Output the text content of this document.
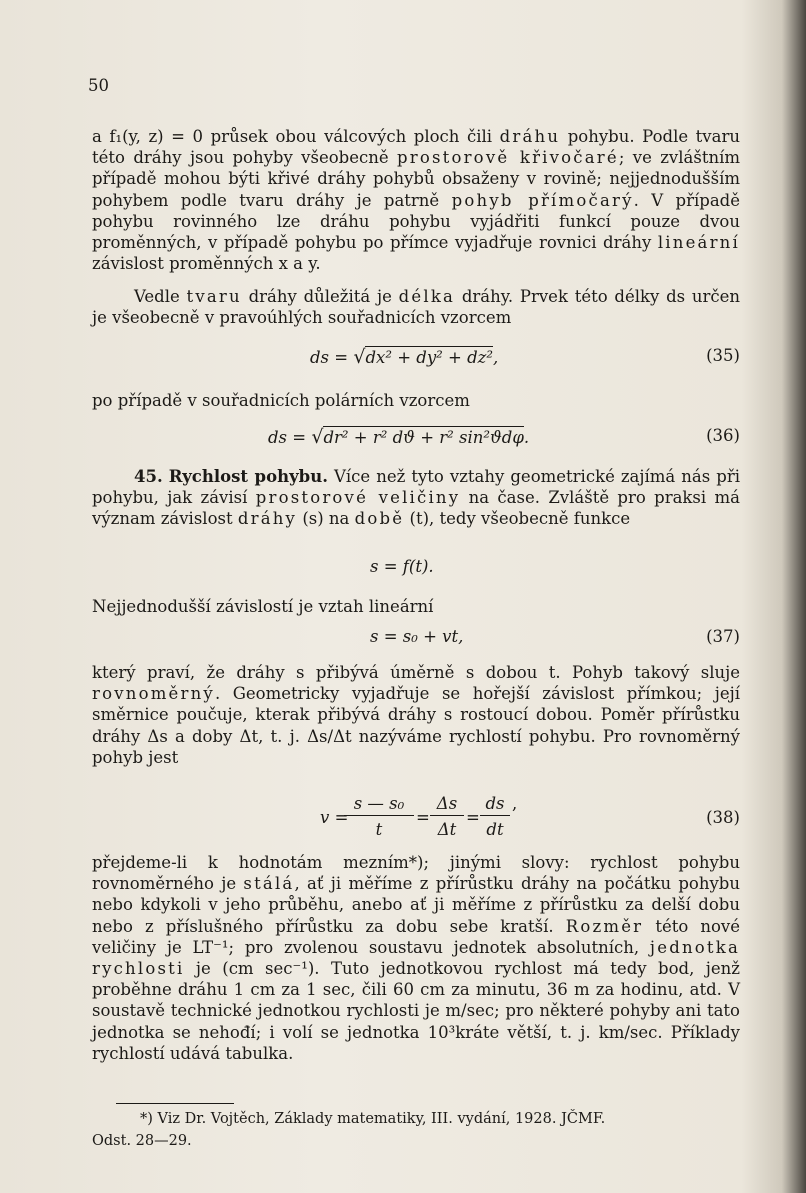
50

a f₁(y, z) = 0 průsek obou válcových ploch čili dráhu pohybu. Podle tvaru této dráhy jsou pohyby všeobecně prostorově křivočaré; ve zvláštním případě mohou býti křivé dráhy pohybů obsaženy v rovině; nejjednodušším pohybem podle tvaru dráhy je patrně pohyb přímočarý. V případě pohybu rovinného lze dráhu pohybu vyjádřiti funkcí pouze dvou proměnných, v případě pohybu po přímce vyjadřuje rovnici dráhy lineární závislost proměnných x a y.

Vedle tvaru dráhy důležitá je délka dráhy. Prvek této délky ds určen je všeobecně v pravoúhlých souřadnicích vzorcem

ds = √dx² + dy² + dz²,	(35)

po případě v souřadnicích polárních vzorcem

ds = √dr² + r² dϑ + r² sin²ϑdφ.	(36)

45. Rychlost pohybu. Více než tyto vztahy geometrické zajímá nás při pohybu, jak závisí prostorové veličiny na čase. Zvláště pro praksi má význam závislost dráhy (s) na době (t), tedy všeobecně funkce

s = f(t).

Nejjednodušší závislostí je vztah lineární

s = s₀ + vt,	(37)

který praví, že dráhy s přibývá úměrně s dobou t. Pohyb takový sluje rovnoměrný. Geometricky vyjadřuje se hořejší závislost přímkou; její směrnice poučuje, kterak přibývá dráhy s rostoucí dobou. Poměr přírůstku dráhy Δs a doby Δt, t. j. Δs/Δt nazýváme rychlostí pohybu. Pro rovnoměrný pohyb jest

v =
$\frac{\text{s — s₀}}{t} = \frac{\Delta s}{\Delta t} = \frac{ds}{dt}$ ,
(38)

přejdeme-li k hodnotám mezním*); jinými slovy: rychlost pohybu rovnoměrného je stálá, ať ji měříme z přírůstku dráhy na počátku pohybu nebo kdykoli v jeho průběhu, anebo ať ji měříme z přírůstku za delší dobu nebo z příslušného přírůstku za dobu sebe kratší. Rozměr této nové veličiny je LT⁻¹; pro zvolenou soustavu jednotek absolutních, jednotka rychlosti je (cm sec⁻¹). Tuto jednotkovou rychlost má tedy bod, jenž proběhne dráhu 1 cm za 1 sec, čili 60 cm za minutu, 36 m za hodinu, atd. V soustavě technické jednotkou rychlosti je m/sec; pro některé pohyby ani tato jednotka se nehođí; i volí se jednotka 10³kráte větší, t. j. km/sec. Příklady rychlostí udává tabulka.

*) Viz Dr. Vojtěch, Základy matematiky, III. vydání, 1928. JČMF.
Odst. 28—29.
